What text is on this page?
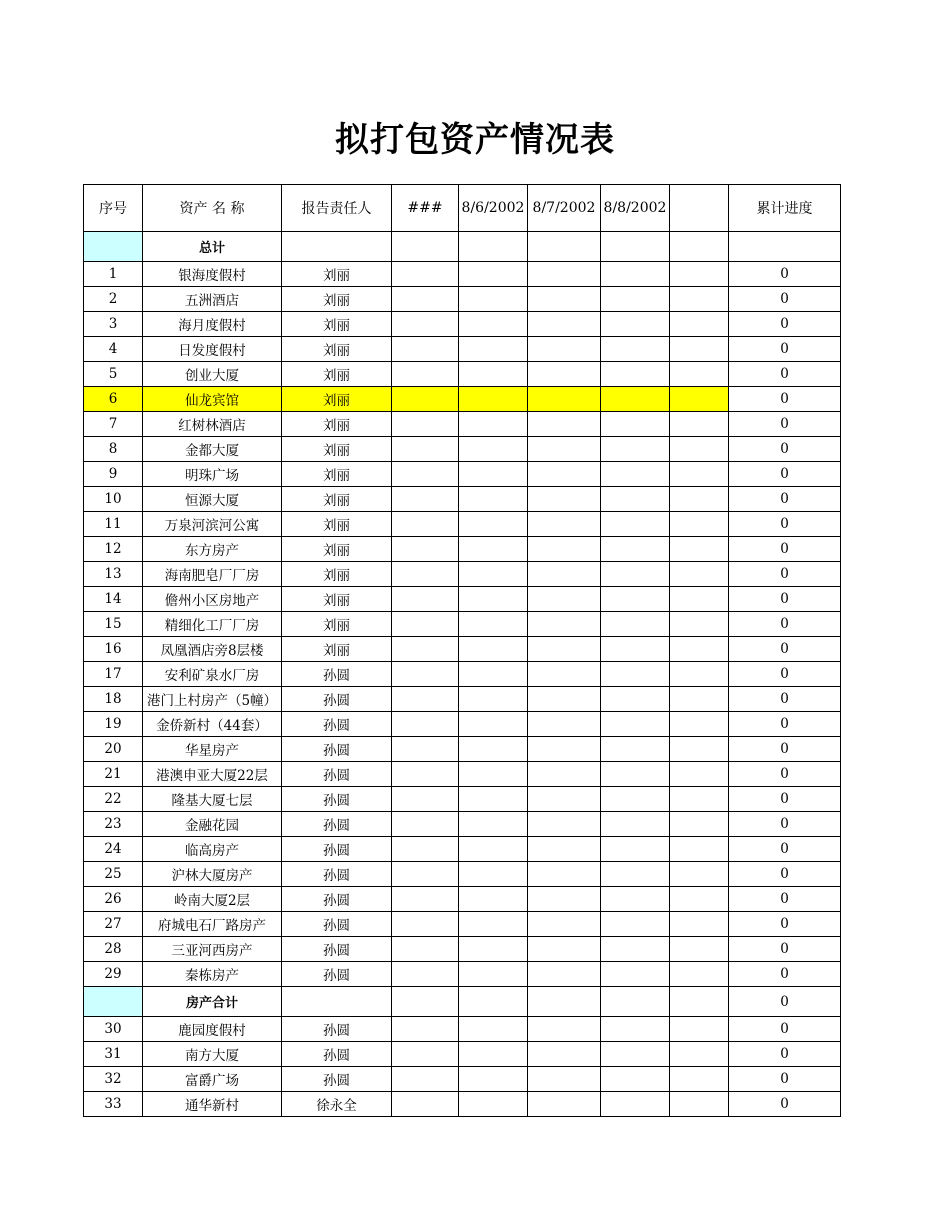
拟打包资产情况表
序号	资产 名 称	报告责任人	###	8/6/2002	8/7/2002	8/8/2002		累计进度
	总计							
1	银海度假村	刘丽						0
2	五洲酒店	刘丽						0
3	海月度假村	刘丽						0
4	日发度假村	刘丽						0
5	创业大厦	刘丽						0
6	仙龙宾馆	刘丽						0
7	红树林酒店	刘丽						0
8	金都大厦	刘丽						0
9	明珠广场	刘丽						0
10	恒源大厦	刘丽						0
11	万泉河滨河公寓	刘丽						0
12	东方房产	刘丽						0
13	海南肥皂厂厂房	刘丽						0
14	儋州小区房地产	刘丽						0
15	精细化工厂厂房	刘丽						0
16	凤凰酒店旁8层楼	刘丽						0
17	安利矿泉水厂房	孙圆						0
18	港门上村房产（5幢）	孙圆						0
19	金侨新村（44套）	孙圆						0
20	华星房产	孙圆						0
21	港澳申亚大厦22层	孙圆						0
22	隆基大厦七层	孙圆						0
23	金融花园	孙圆						0
24	临高房产	孙圆						0
25	沪林大厦房产	孙圆						0
26	岭南大厦2层	孙圆						0
27	府城电石厂路房产	孙圆						0
28	三亚河西房产	孙圆						0
29	秦栋房产	孙圆						0
	房产合计							0
30	鹿园度假村	孙圆						0
31	南方大厦	孙圆						0
32	富爵广场	孙圆						0
33	通华新村	徐永全						0
